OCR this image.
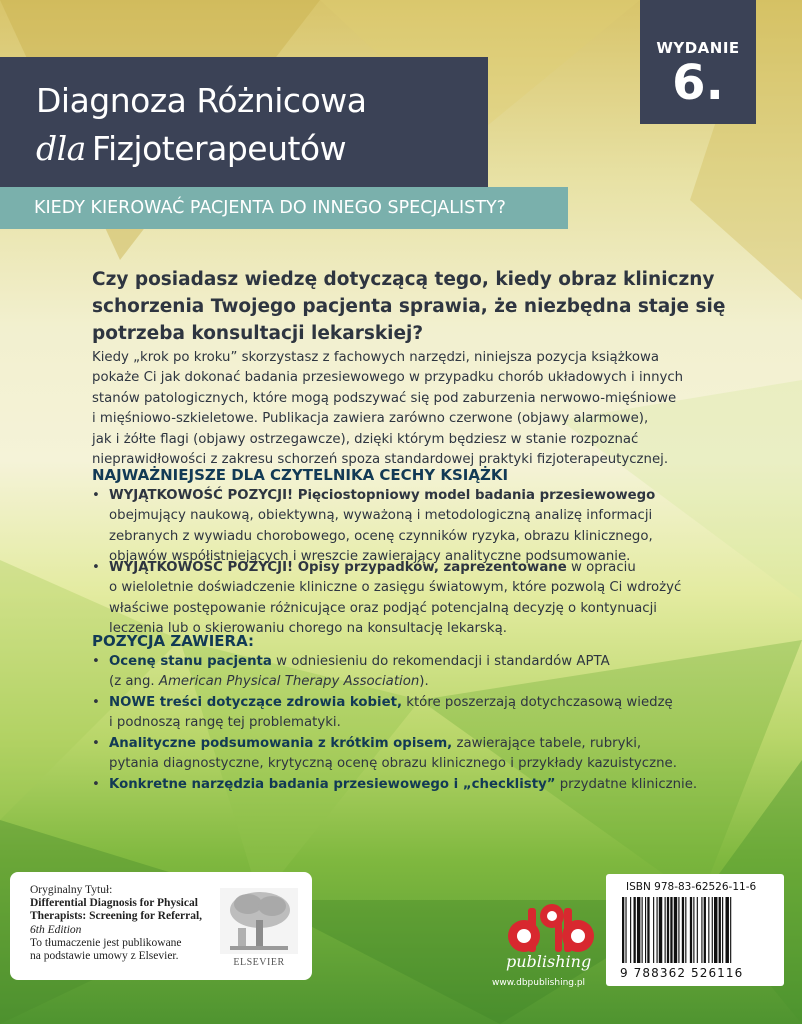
Diagnoza Różnicowa
dla Fizjoterapeutów
WYDANIE
6.
KIEDY KIEROWAĆ PACJENTA DO INNEGO SPECJALISTY?
Czy posiadasz wiedzę dotyczącą tego, kiedy obraz kliniczny
schorzenia Twojego pacjenta sprawia, że niezbędna staje się
potrzeba konsultacji lekarskiej?
Kiedy „krok po kroku” skorzystasz z fachowych narzędzi, niniejsza pozycja książkowa
pokaże Ci jak dokonać badania przesiewowego w przypadku chorób układowych i innych
stanów patologicznych, które mogą podszywać się pod zaburzenia nerwowo-mięśniowe
i mięśniowo-szkieletowe. Publikacja zawiera zarówno czerwone (objawy alarmowe),
jak i żółte flagi (objawy ostrzegawcze), dzięki którym będziesz w stanie rozpoznać
nieprawidłowości z zakresu schorzeń spoza standardowej praktyki fizjoterapeutycznej.
NAJWAŻNIEJSZE DLA CZYTELNIKA CECHY KSIĄŻKI
• WYJĄTKOWOŚĆ POZYCJI! Pięciostopniowy model badania przesiewowego
obejmujący naukową, obiektywną, wyważoną i metodologiczną analizę informacji
zebranych z wywiadu chorobowego, ocenę czynników ryzyka, obrazu klinicznego,
objawów współistniejących i wreszcie zawierający analityczne podsumowanie.
• WYJĄTKOWOŚĆ POZYCJI! Opisy przypadków, zaprezentowane w opraciu
o wieloletnie doświadczenie kliniczne o zasięgu światowym, które pozwolą Ci wdrożyć
właściwe postępowanie różnicujące oraz podjąć potencjalną decyzję o kontynuacji
leczenia lub o skierowaniu chorego na konsultację lekarską.
POZYCJA ZAWIERA:
• Ocenę stanu pacjenta w odniesieniu do rekomendacji i standardów APTA
(z ang. American Physical Therapy Association).
• NOWE treści dotyczące zdrowia kobiet, które poszerzają dotychczasową wiedzę
i podnoszą rangę tej problematyki.
• Analityczne podsumowania z krótkim opisem, zawierające tabele, rubryki,
pytania diagnostyczne, krytyczną ocenę obrazu klinicznego i przykłady kazuistyczne.
• Konkretne narzędzia badania przesiewowego i „checklisty” przydatne klinicznie.
Oryginalny Tytuł:
Differential Diagnosis for Physical
Therapists: Screening for Referral,
6th Edition
To tłumaczenie jest publikowane
na podstawie umowy z Elsevier.
ELSEVIER	publishing
www.dbpublishing.pl
ISBN 978-83-62526-11-6
9 788362 526116
